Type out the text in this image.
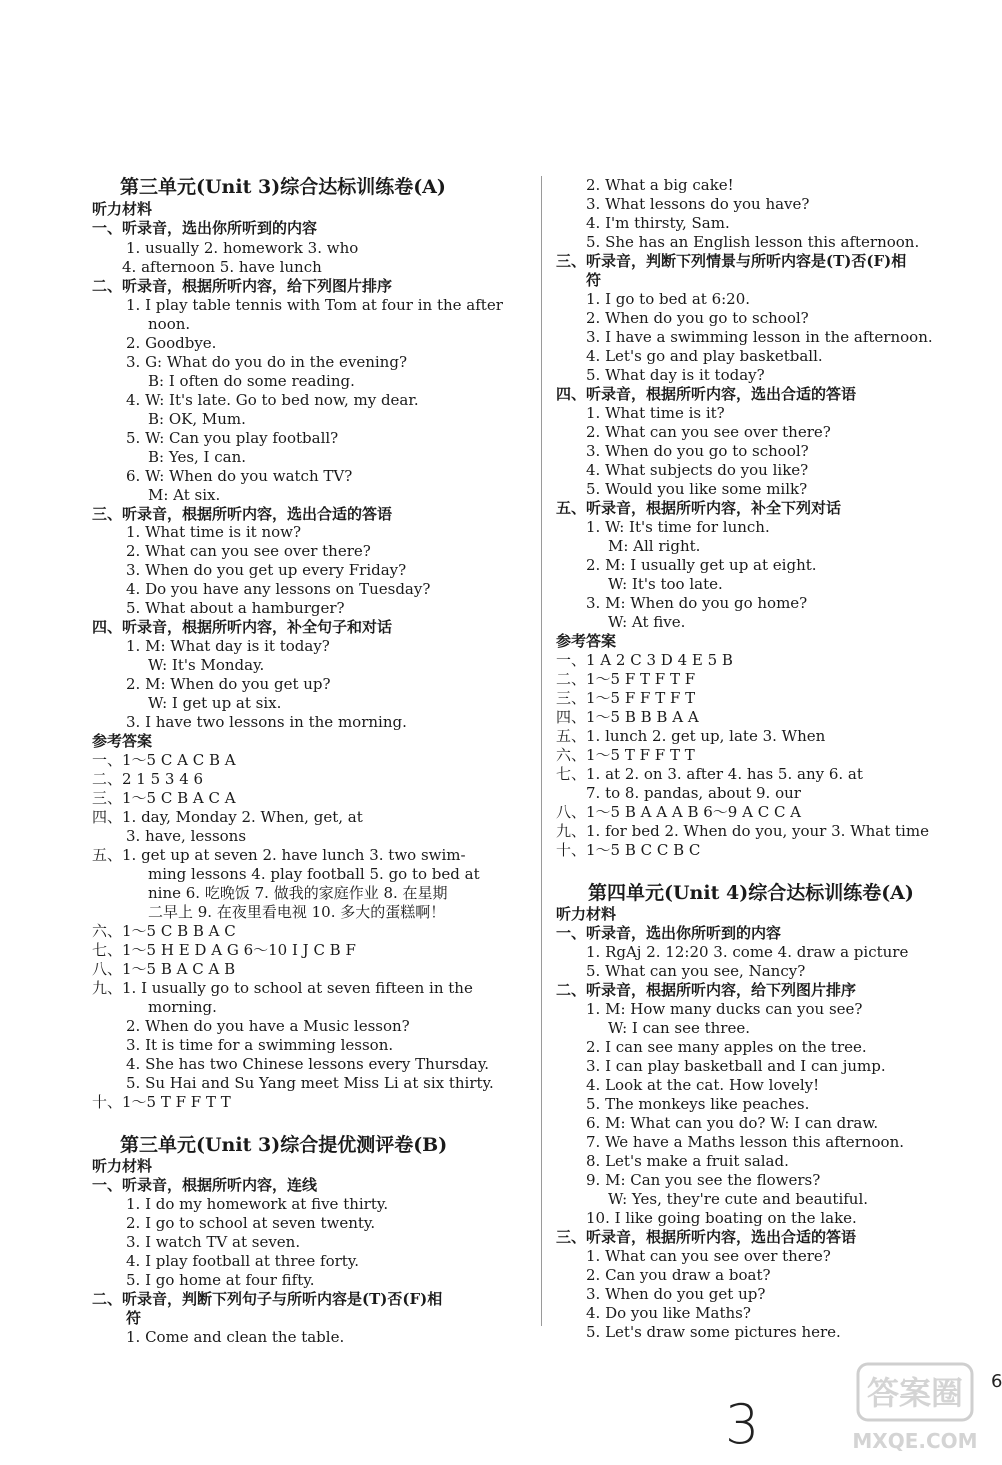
第三单元(Unit 3)综合达标训练卷(A)
听力材料
一、听录音，选出你所听到的内容
1. usually 2. homework 3. who
4. afternoon 5. have lunch
二、听录音，根据所听内容，给下列图片排序
1. I play table tennis with Tom at four in the after
noon.
2. Goodbye.
3. G: What do you do in the evening?
B: I often do some reading.
4. W: It's late. Go to bed now, my dear.
B: OK, Mum.
5. W: Can you play football?
B: Yes, I can.
6. W: When do you watch TV?
M: At six.
三、听录音，根据所听内容，选出合适的答语
1. What time is it now?
2. What can you see over there?
3. When do you get up every Friday?
4. Do you have any lessons on Tuesday?
5. What about a hamburger?
四、听录音，根据所听内容，补全句子和对话
1. M: What day is it today?
W: It's Monday.
2. M: When do you get up?
W: I get up at six.
3. I have two lessons in the morning.
参考答案
一、1～5 C A C B A
二、2 1 5 3 4 6
三、1～5 C B A C A
四、1. day, Monday 2. When, get, at
3. have, lessons
五、1. get up at seven 2. have lunch 3. two swim-
ming lessons 4. play football 5. go to bed at
nine 6. 吃晚饭 7. 做我的家庭作业 8. 在星期
二早上 9. 在夜里看电视 10. 多大的蛋糕啊！
六、1～5 C B B A C
七、1～5 H E D A G 6～10 I J C B F
八、1～5 B A C A B
九、1. I usually go to school at seven fifteen in the
morning.
2. When do you have a Music lesson?
3. It is time for a swimming lesson.
4. She has two Chinese lessons every Thursday.
5. Su Hai and Su Yang meet Miss Li at six thirty.
十、1～5 T F F T T
第三单元(Unit 3)综合提优测评卷(B)
听力材料
一、听录音，根据所听内容，连线
1. I do my homework at five thirty.
2. I go to school at seven twenty.
3. I watch TV at seven.
4. I play football at three forty.
5. I go home at four fifty.
二、听录音，判断下列句子与所听内容是(T)否(F)相
符
1. Come and clean the table.
2. What a big cake!
3. What lessons do you have?
4. I'm thirsty, Sam.
5. She has an English lesson this afternoon.
三、听录音，判断下列情景与所听内容是(T)否(F)相
符
1. I go to bed at 6:20.
2. When do you go to school?
3. I have a swimming lesson in the afternoon.
4. Let's go and play basketball.
5. What day is it today?
四、听录音，根据所听内容，选出合适的答语
1. What time is it?
2. What can you see over there?
3. When do you go to school?
4. What subjects do you like?
5. Would you like some milk?
五、听录音，根据所听内容，补全下列对话
1. W: It's time for lunch.
M: All right.
2. M: I usually get up at eight.
W: It's too late.
3. M: When do you go home?
W: At five.
参考答案
一、1 A 2 C 3 D 4 E 5 B
二、1～5 F T F T F
三、1～5 F F T F T
四、1～5 B B B A A
五、1. lunch 2. get up, late 3. When
六、1～5 T F F T T
七、1. at 2. on 3. after 4. has 5. any 6. at
7. to 8. pandas, about 9. our
八、1～5 B A A A B 6～9 A C C A
九、1. for bed 2. When do you, your 3. What time
十、1～5 B C C B C
第四单元(Unit 4)综合达标训练卷(A)
听力材料
一、听录音，选出你所听到的内容
1. RgAj 2. 12:20 3. come 4. draw a picture
5. What can you see, Nancy?
二、听录音，根据所听内容，给下列图片排序
1. M: How many ducks can you see?
W: I can see three.
2. I can see many apples on the tree.
3. I can play basketball and I can jump.
4. Look at the cat. How lovely!
5. The monkeys like peaches.
6. M: What can you do? W: I can draw.
7. We have a Maths lesson this afternoon.
8. Let's make a fruit salad.
9. M: Can you see the flowers?
W: Yes, they're cute and beautiful.
10. I like going boating on the lake.
三、听录音，根据所听内容，选出合适的答语
1. What can you see over there?
2. Can you draw a boat?
3. When do you get up?
4. Do you like Maths?
5. Let's draw some pictures here.
3
6
答案圈
MXQE.COM
